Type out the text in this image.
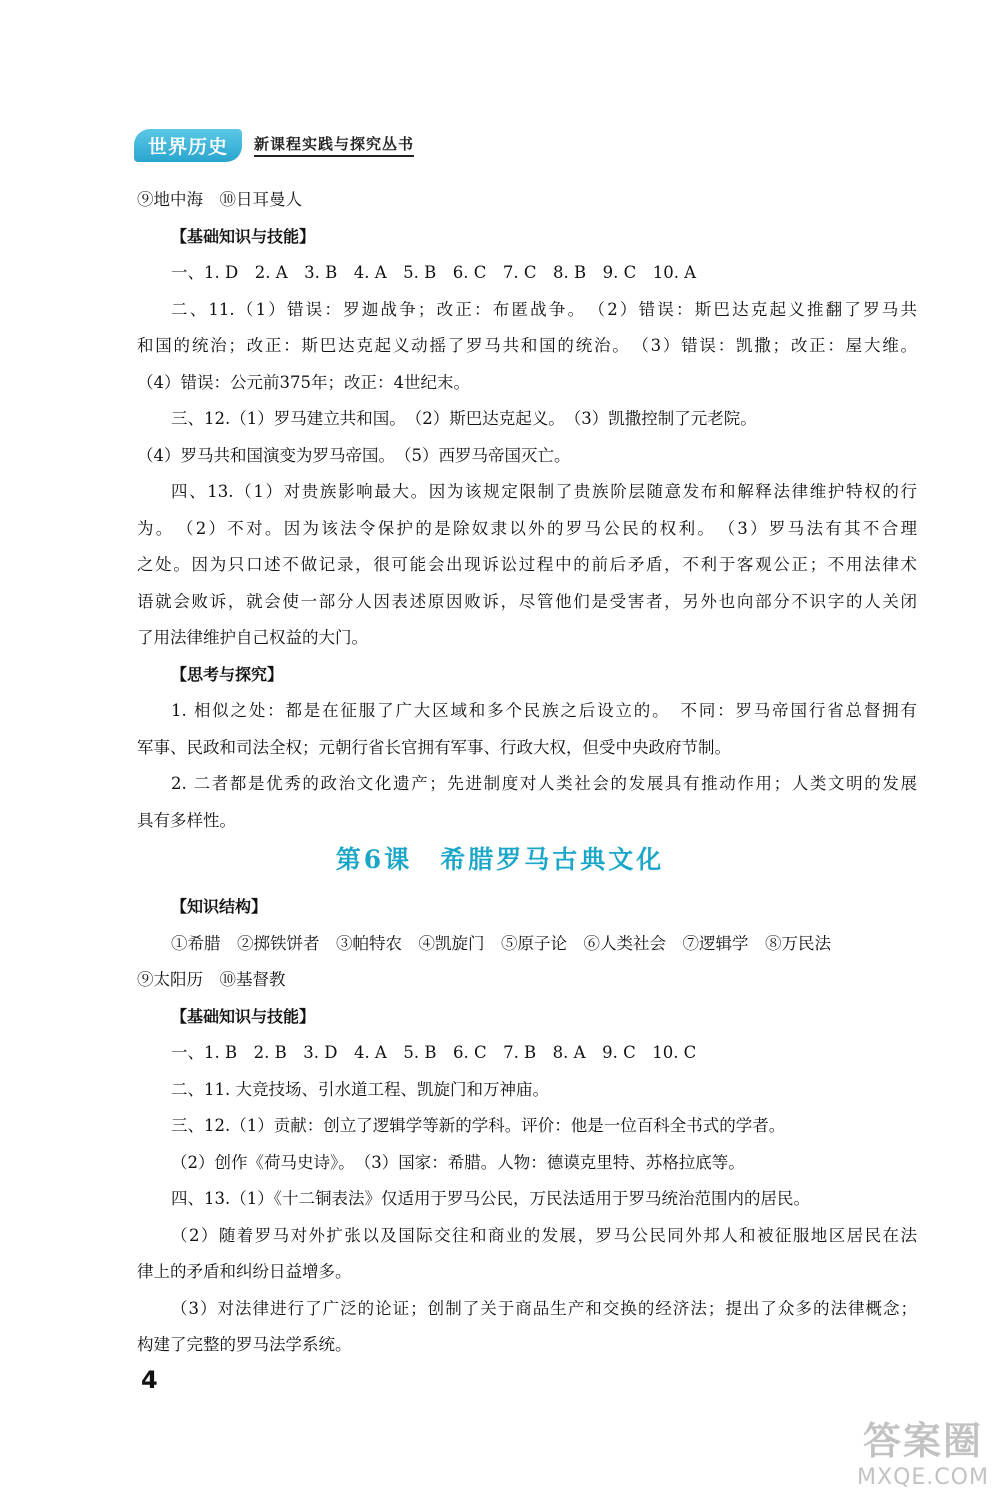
世界历史	新课程实践与探究丛书
⑨地中海　⑩日耳曼人
【基础知识与技能】
一、1. D　2. A　3. B　4. A　5. B　6. C　7. C　8. B　9. C　10. A
二、11.（1）错误：罗迦战争；改正：布匿战争。　（2）错误：斯巴达克起义推翻了罗马共
和国的统治；改正：斯巴达克起义动摇了罗马共和国的统治。　（3）错误：凯撒；改正：屋大维。
（4）错误：公元前375年；改正：4世纪末。
三、12.（1）罗马建立共和国。　（2）斯巴达克起义。　（3）凯撒控制了元老院。
（4）罗马共和国演变为罗马帝国。　（5）西罗马帝国灭亡。
四、13.（1）对贵族影响最大。因为该规定限制了贵族阶层随意发布和解释法律维护特权的行
为。　（2）不对。因为该法令保护的是除奴隶以外的罗马公民的权利。　（3）罗马法有其不合理
之处。因为只口述不做记录，很可能会出现诉讼过程中的前后矛盾，不利于客观公正；不用法律术
语就会败诉，就会使一部分人因表述原因败诉，尽管他们是受害者，另外也向部分不识字的人关闭
了用法律维护自己权益的大门。
【思考与探究】
1. 相似之处：都是在征服了广大区域和多个民族之后设立的。　不同：罗马帝国行省总督拥有
军事、民政和司法全权；元朝行省长官拥有军事、行政大权，但受中央政府节制。
2. 二者都是优秀的政治文化遗产；先进制度对人类社会的发展具有推动作用；人类文明的发展
具有多样性。
第6课　希腊罗马古典文化
【知识结构】
①希腊　②掷铁饼者　③帕特农　④凯旋门　⑤原子论　⑥人类社会　⑦逻辑学　⑧万民法
⑨太阳历　⑩基督教
【基础知识与技能】
一、1. B　2. B　3. D　4. A　5. B　6. C　7. B　8. A　9. C　10. C
二、11. 大竞技场、引水道工程、凯旋门和万神庙。
三、12.（1）贡献：创立了逻辑学等新的学科。评价：他是一位百科全书式的学者。
（2）创作《荷马史诗》。　（3）国家：希腊。人物：德谟克里特、苏格拉底等。
四、13.（1）《十二铜表法》仅适用于罗马公民，万民法适用于罗马统治范围内的居民。
（2）随着罗马对外扩张以及国际交往和商业的发展，罗马公民同外邦人和被征服地区居民在法
律上的矛盾和纠纷日益增多。
（3）对法律进行了广泛的论证；创制了关于商品生产和交换的经济法；提出了众多的法律概念；
构建了完整的罗马法学系统。
4
答案圈
MXQE.COM
